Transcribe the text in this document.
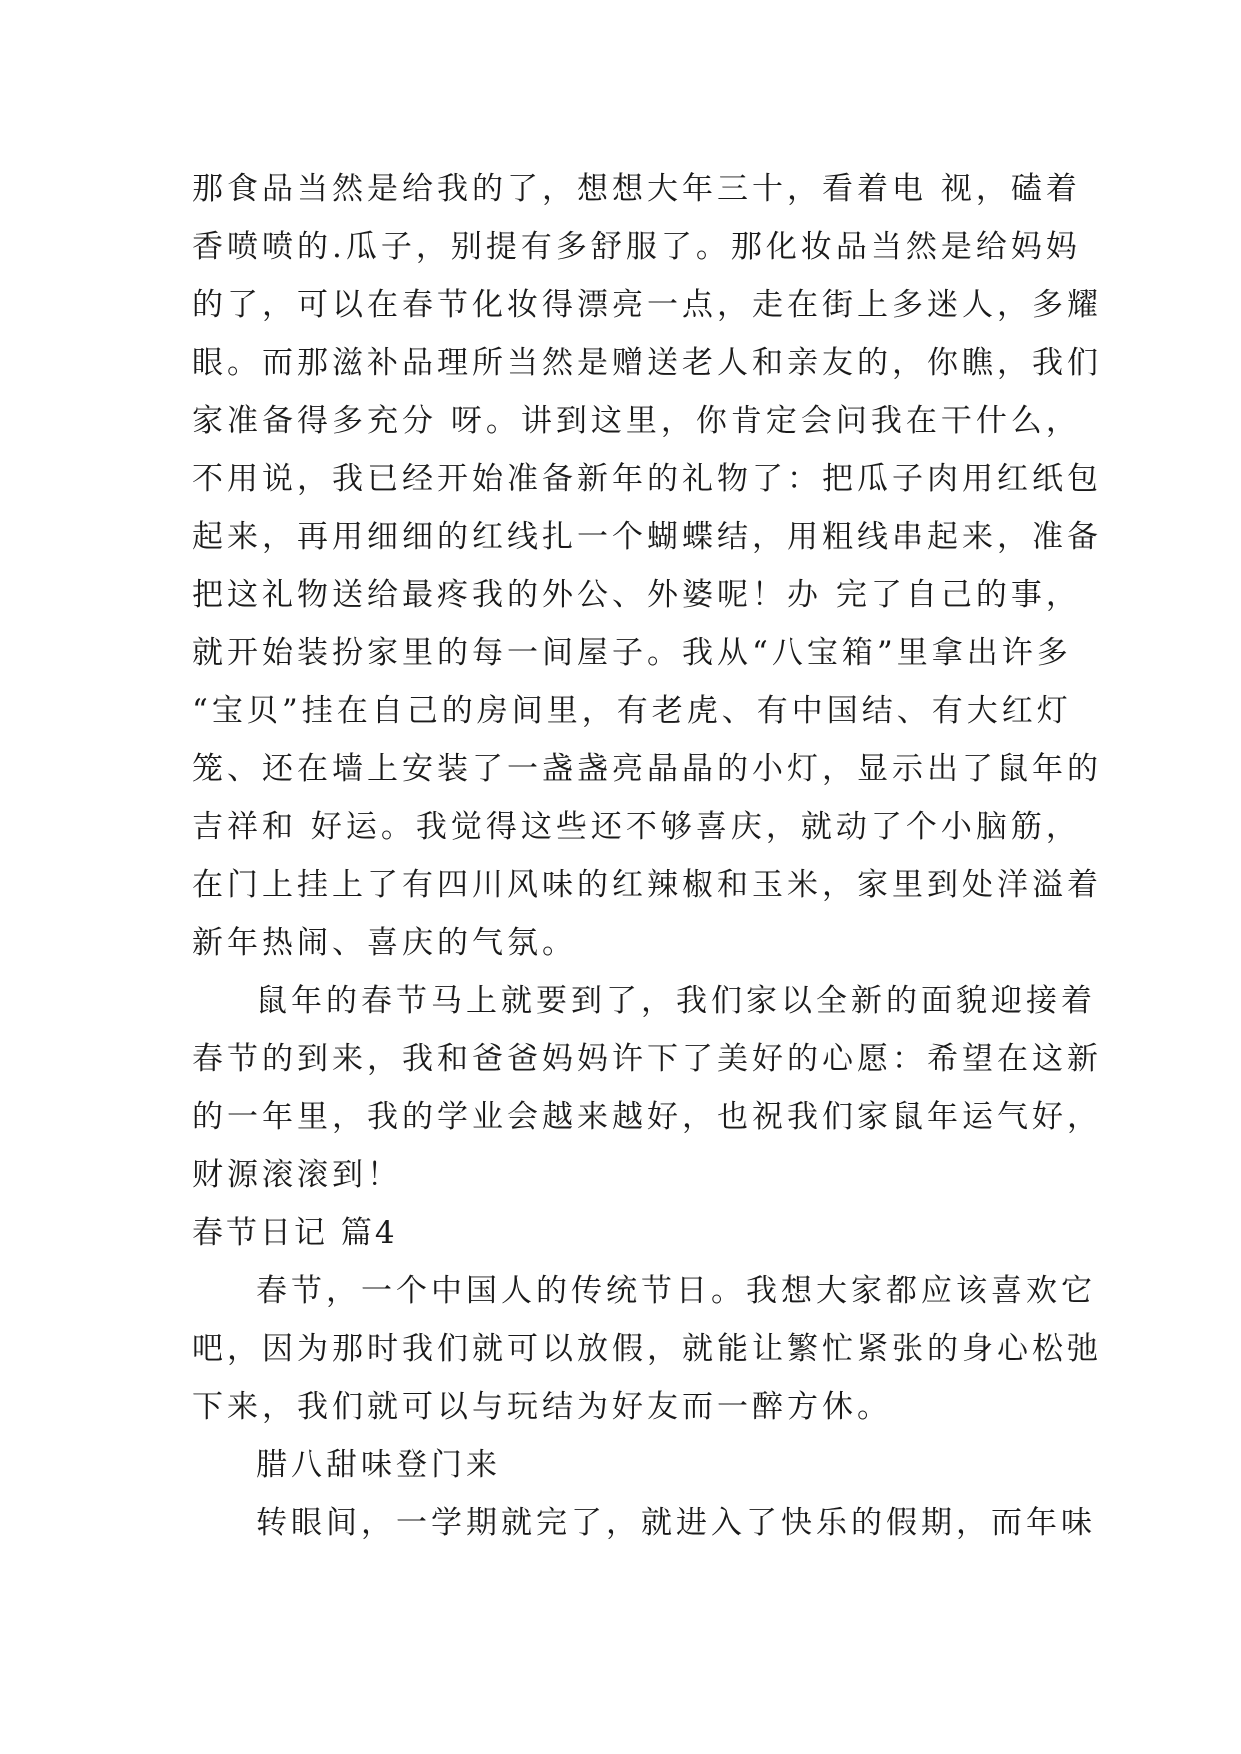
那食品当然是给我的了，想想大年三十，看着电 视，磕着
香喷喷的.瓜子，别提有多舒服了。那化妆品当然是给妈妈
的了，可以在春节化妆得漂亮一点，走在街上多迷人，多耀
眼。而那滋补品理所当然是赠送老人和亲友的，你瞧，我们
家准备得多充分 呀。讲到这里，你肯定会问我在干什么，
不用说，我已经开始准备新年的礼物了：把瓜子肉用红纸包
起来，再用细细的红线扎一个蝴蝶结，用粗线串起来，准备
把这礼物送给最疼我的外公、外婆呢！办 完了自己的事，
就开始装扮家里的每一间屋子。我从“八宝箱”里拿出许多
“宝贝”挂在自己的房间里，有老虎、有中国结、有大红灯
笼、还在墙上安装了一盏盏亮晶晶的小灯，显示出了鼠年的
吉祥和 好运。我觉得这些还不够喜庆，就动了个小脑筋，
在门上挂上了有四川风味的红辣椒和玉米，家里到处洋溢着
新年热闹、喜庆的气氛。
鼠年的春节马上就要到了，我们家以全新的面貌迎接着
春节的到来，我和爸爸妈妈许下了美好的心愿：希望在这新
的一年里，我的学业会越来越好，也祝我们家鼠年运气好，
财源滚滚到！
春节日记 篇4
春节，一个中国人的传统节日。我想大家都应该喜欢它
吧，因为那时我们就可以放假，就能让繁忙紧张的身心松弛
下来，我们就可以与玩结为好友而一醉方休。
腊八甜味登门来
转眼间，一学期就完了，就进入了快乐的假期，而年味
